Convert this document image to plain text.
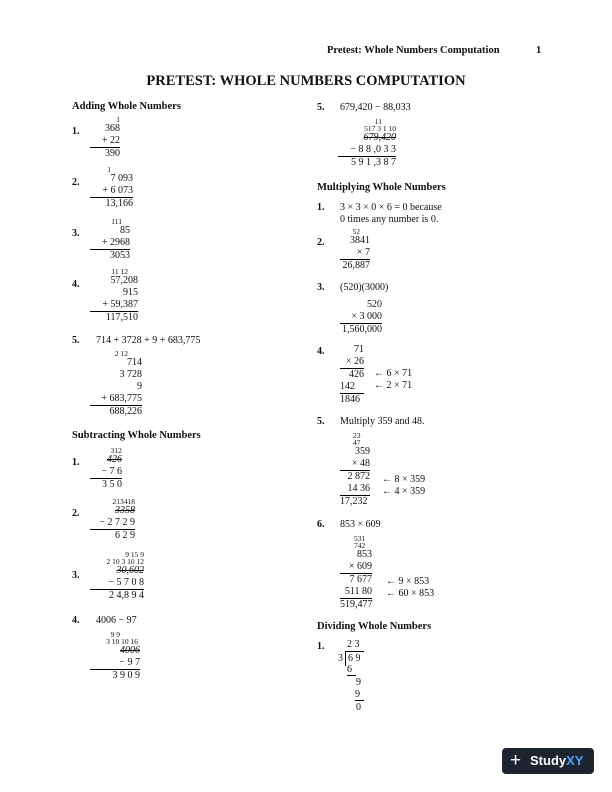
Pretest: Whole Numbers Computation	1
PRETEST: WHOLE NUMBERS COMPUTATION
Adding Whole Numbers
1.
1
368
+ 22
390
2.
1
7 093
+ 6 073
13,166
3.
111
85
+ 2968
3053
4.
11 12
57,208
915
+ 59,387
117,510
5. 714 + 3728 + 9 + 683,775
2 12
714
3 728
9
+ 683,775
688,226
Subtracting Whole Numbers
1.
312
426
− 7 6
3 5 0
2.
213418
3358
− 2 7 2 9
6 2 9
3.
9 15 9
2 10 3 10 12
30,602
− 5 7 0 8
2 4,8 9 4
4. 4006 − 97
9 9
3 10 10 16
4006
− 9 7
3 9 0 9
5. 679,420 − 88,033
11
517 3 1 10
679,420
− 8 8 ,0 3 3
5 9 1 ,3 8 7
Multiplying Whole Numbers
1. 3 × 3 × 0 × 6 = 0 because
0 times any number is 0.
2.
52
3841
× 7
26,887
3. (520)(3000)
520
× 3 000
1,560,000
4.	71
× 26
426
142
1846
← 6 × 71
← 2 × 71
5. Multiply 359 and 48.
23
47
359
× 48
2 872
14 36
17,232
← 8 × 359
← 4 × 359
6. 853 × 609
531
742
853
× 609
7 677
511 80
519,477
← 9 × 853
← 60 × 853
Dividing Whole Numbers
1. 2 3
3 6 9
6
9
9
0
+ StudyXY
